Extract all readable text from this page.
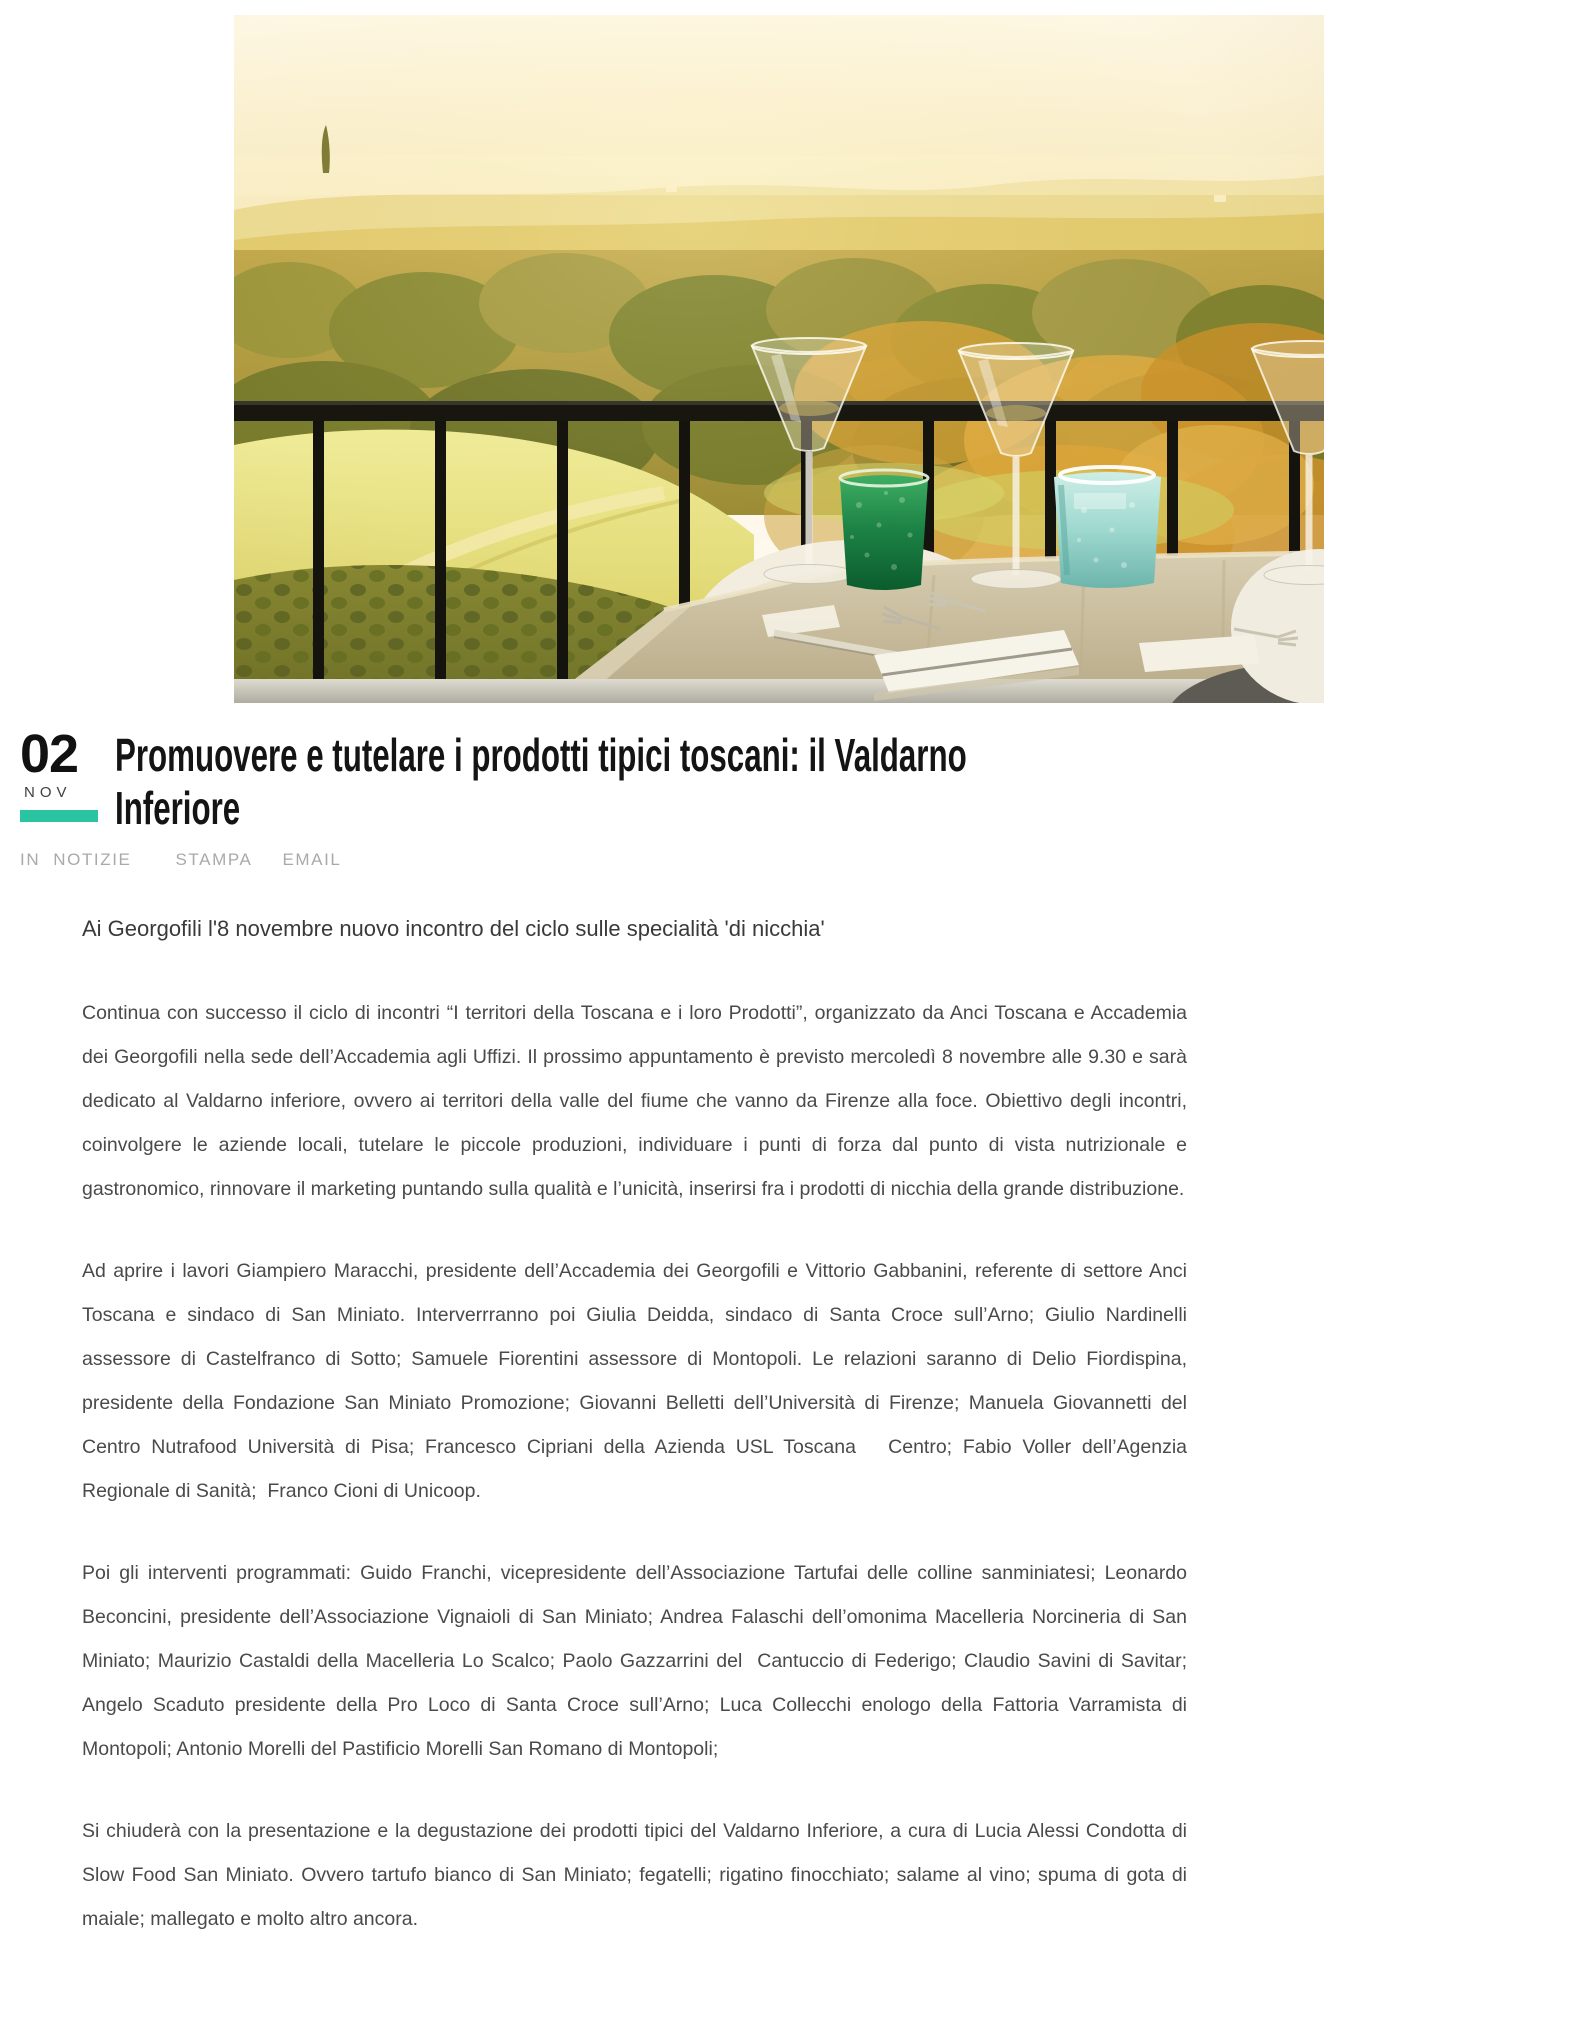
02
NOV
Promuovere e tutelare i prodotti tipici toscani: il Valdarno
Inferiore
IN NOTIZIE	STAMPA EMAIL
Ai Georgofili l'8 novembre nuovo incontro del ciclo sulle specialità 'di nicchia'

Continua con successo il ciclo di incontri “I territori della Toscana e i loro Prodotti”, organizzato da Anci Toscana e Accademia dei Georgofili nella sede dell’Accademia agli Uffizi. Il prossimo appuntamento è previsto mercoledì 8 novembre alle 9.30 e sarà dedicato al Valdarno inferiore, ovvero ai territori della valle del fiume che vanno da Firenze alla foce. Obiettivo degli incontri, coinvolgere le aziende locali, tutelare le piccole produzioni, individuare i punti di forza dal punto di vista nutrizionale e gastronomico, rinnovare il marketing puntando sulla qualità e l’unicità, inserirsi fra i prodotti di nicchia della grande distribuzione.

Ad aprire i lavori Giampiero Maracchi, presidente dell’Accademia dei Georgofili e Vittorio Gabbanini, referente di settore Anci Toscana e sindaco di San Miniato. Interverrranno poi Giulia Deidda, sindaco di Santa Croce sull’Arno; Giulio Nardinelli assessore di Castelfranco di Sotto; Samuele Fiorentini assessore di Montopoli. Le relazioni saranno di Delio Fiordispina, presidente della Fondazione San Miniato Promozione; Giovanni Belletti dell’Università di Firenze; Manuela Giovannetti del Centro Nutrafood Università di Pisa; Francesco Cipriani della Azienda USL Toscana   Centro; Fabio Voller dell’Agenzia Regionale di Sanità;  Franco Cioni di Unicoop.

Poi gli interventi programmati: Guido Franchi, vicepresidente dell’Associazione Tartufai delle colline sanminiatesi; Leonardo Beconcini, presidente dell’Associazione Vignaioli di San Miniato; Andrea Falaschi dell’omonima Macelleria Norcineria di San Miniato; Maurizio Castaldi della Macelleria Lo Scalco; Paolo Gazzarrini del  Cantuccio di Federigo; Claudio Savini di Savitar; Angelo Scaduto presidente della Pro Loco di Santa Croce sull’Arno; Luca Collecchi enologo della Fattoria Varramista di Montopoli; Antonio Morelli del Pastificio Morelli San Romano di Montopoli;

Si chiuderà con la presentazione e la degustazione dei prodotti tipici del Valdarno Inferiore, a cura di Lucia Alessi Condotta di Slow Food San Miniato. Ovvero tartufo bianco di San Miniato; fegatelli; rigatino finocchiato; salame al vino; spuma di gota di maiale; mallegato e molto altro ancora.
